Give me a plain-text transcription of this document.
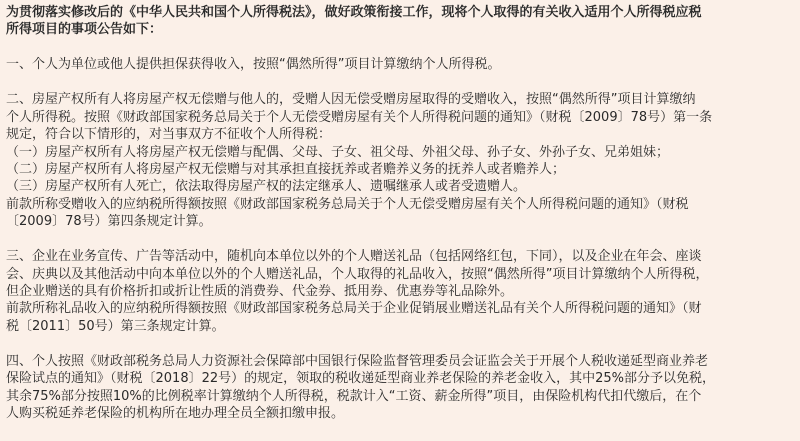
为贯彻落实修改后的《中华人民共和国个人所得税法》，做好政策衔接工作，现将个人取得的有关收入适用个人所得税应税
所得项目的事项公告如下：
一、个人为单位或他人提供担保获得收入，按照“偶然所得”项目计算缴纳个人所得税。
二、房屋产权所有人将房屋产权无偿赠与他人的，受赠人因无偿受赠房屋取得的受赠收入，按照“偶然所得”项目计算缴纳
个人所得税。按照《财政部国家税务总局关于个人无偿受赠房屋有关个人所得税问题的通知》（财税〔2009〕78号）第一条
规定，符合以下情形的，对当事双方不征收个人所得税：
（一）房屋产权所有人将房屋产权无偿赠与配偶、父母、子女、祖父母、外祖父母、孙子女、外孙子女、兄弟姐妹；
（二）房屋产权所有人将房屋产权无偿赠与对其承担直接抚养或者赡养义务的抚养人或者赡养人；
（三）房屋产权所有人死亡，依法取得房屋产权的法定继承人、遗嘱继承人或者受遗赠人。
前款所称受赠收入的应纳税所得额按照《财政部国家税务总局关于个人无偿受赠房屋有关个人所得税问题的通知》（财税
〔2009〕78号）第四条规定计算。
三、企业在业务宣传、广告等活动中，随机向本单位以外的个人赠送礼品（包括网络红包，下同），以及企业在年会、座谈
会、庆典以及其他活动中向本单位以外的个人赠送礼品，个人取得的礼品收入，按照“偶然所得”项目计算缴纳个人所得税，
但企业赠送的具有价格折扣或折让性质的消费券、代金券、抵用券、优惠券等礼品除外。
前款所称礼品收入的应纳税所得额按照《财政部国家税务总局关于企业促销展业赠送礼品有关个人所得税问题的通知》（财
税〔2011〕50号）第三条规定计算。
四、个人按照《财政部税务总局人力资源社会保障部中国银行保险监督管理委员会证监会关于开展个人税收递延型商业养老
保险试点的通知》（财税〔2018〕22号）的规定，领取的税收递延型商业养老保险的养老金收入，其中25%部分予以免税，
其余75%部分按照10%的比例税率计算缴纳个人所得税，税款计入“工资、薪金所得”项目，由保险机构代扣代缴后，在个
人购买税延养老保险的机构所在地办理全员全额扣缴申报。
